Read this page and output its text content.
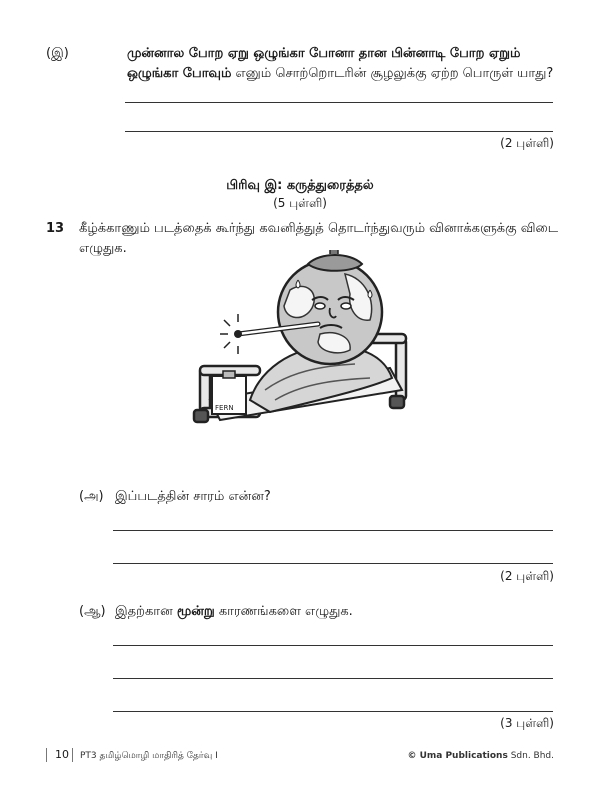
(இ)	முன்னால போற ஏறு ஒழுங்கா போனா தான பின்னாடி போற ஏறும்
ஒழுங்கா போவும் எனும் சொற்றொடரின் சூழலுக்கு ஏற்ற பொருள் யாது?
(2 புள்ளி)
பிரிவு இ: கருத்துரைத்தல்
(5 புள்ளி)
13 கீழ்க்காணும் படத்தைக் கூர்ந்து கவனித்துத் தொடர்ந்துவரும் வினாக்களுக்கு விடை
எழுதுக.
FERN
(அ) இப்படத்தின் சாரம் என்ன?
(2 புள்ளி)
(ஆ) இதற்கான மூன்று காரணங்களை எழுதுக.
(3 புள்ளி)
10 PT3 தமிழ்மொழி மாதிரித் தேர்வு I	© Uma Publications Sdn. Bhd.
